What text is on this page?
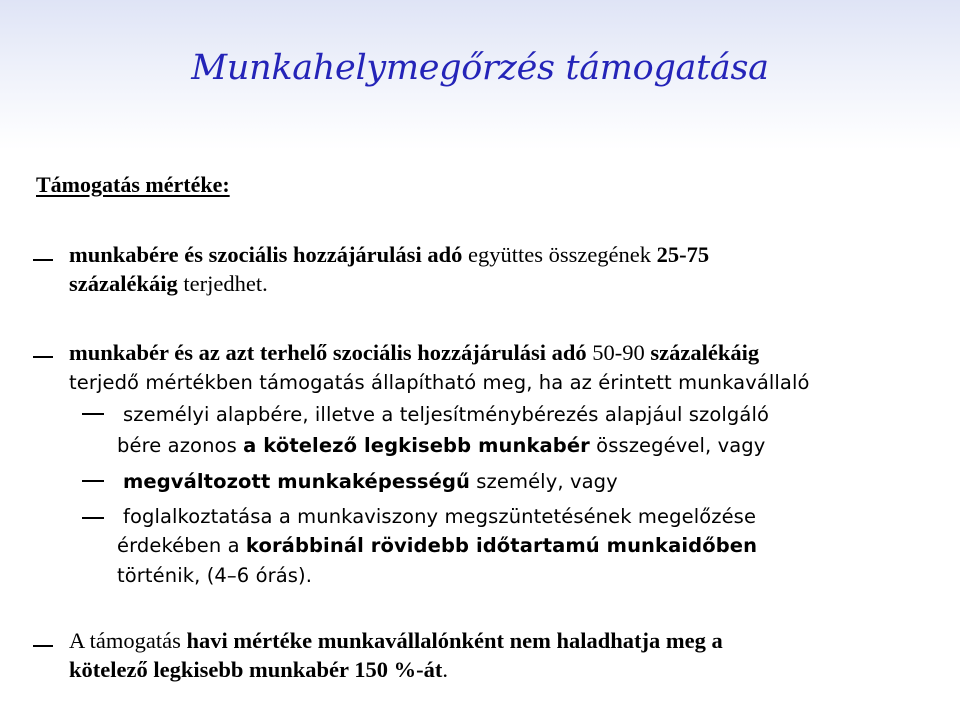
Munkahelymegőrzés támogatása
Támogatás mértéke:
munkabére és szociális hozzájárulási adó együttes összegének 25-75
százalékáig terjedhet.
munkabér és az azt terhelő szociális hozzájárulási adó 50-90 százalékáig
terjedő mértékben támogatás állapítható meg, ha az érintett munkavállaló
személyi alapbére, illetve a teljesítménybérezés alapjául szolgáló
bére azonos a kötelező legkisebb munkabér összegével, vagy
megváltozott munkaképességű személy, vagy
foglalkoztatása a munkaviszony megszüntetésének megelőzése
érdekében a korábbinál rövidebb időtartamú munkaidőben
történik, (4–6 órás).
A támogatás havi mértéke munkavállalónként nem haladhatja meg a
kötelező legkisebb munkabér 150 %-át.
